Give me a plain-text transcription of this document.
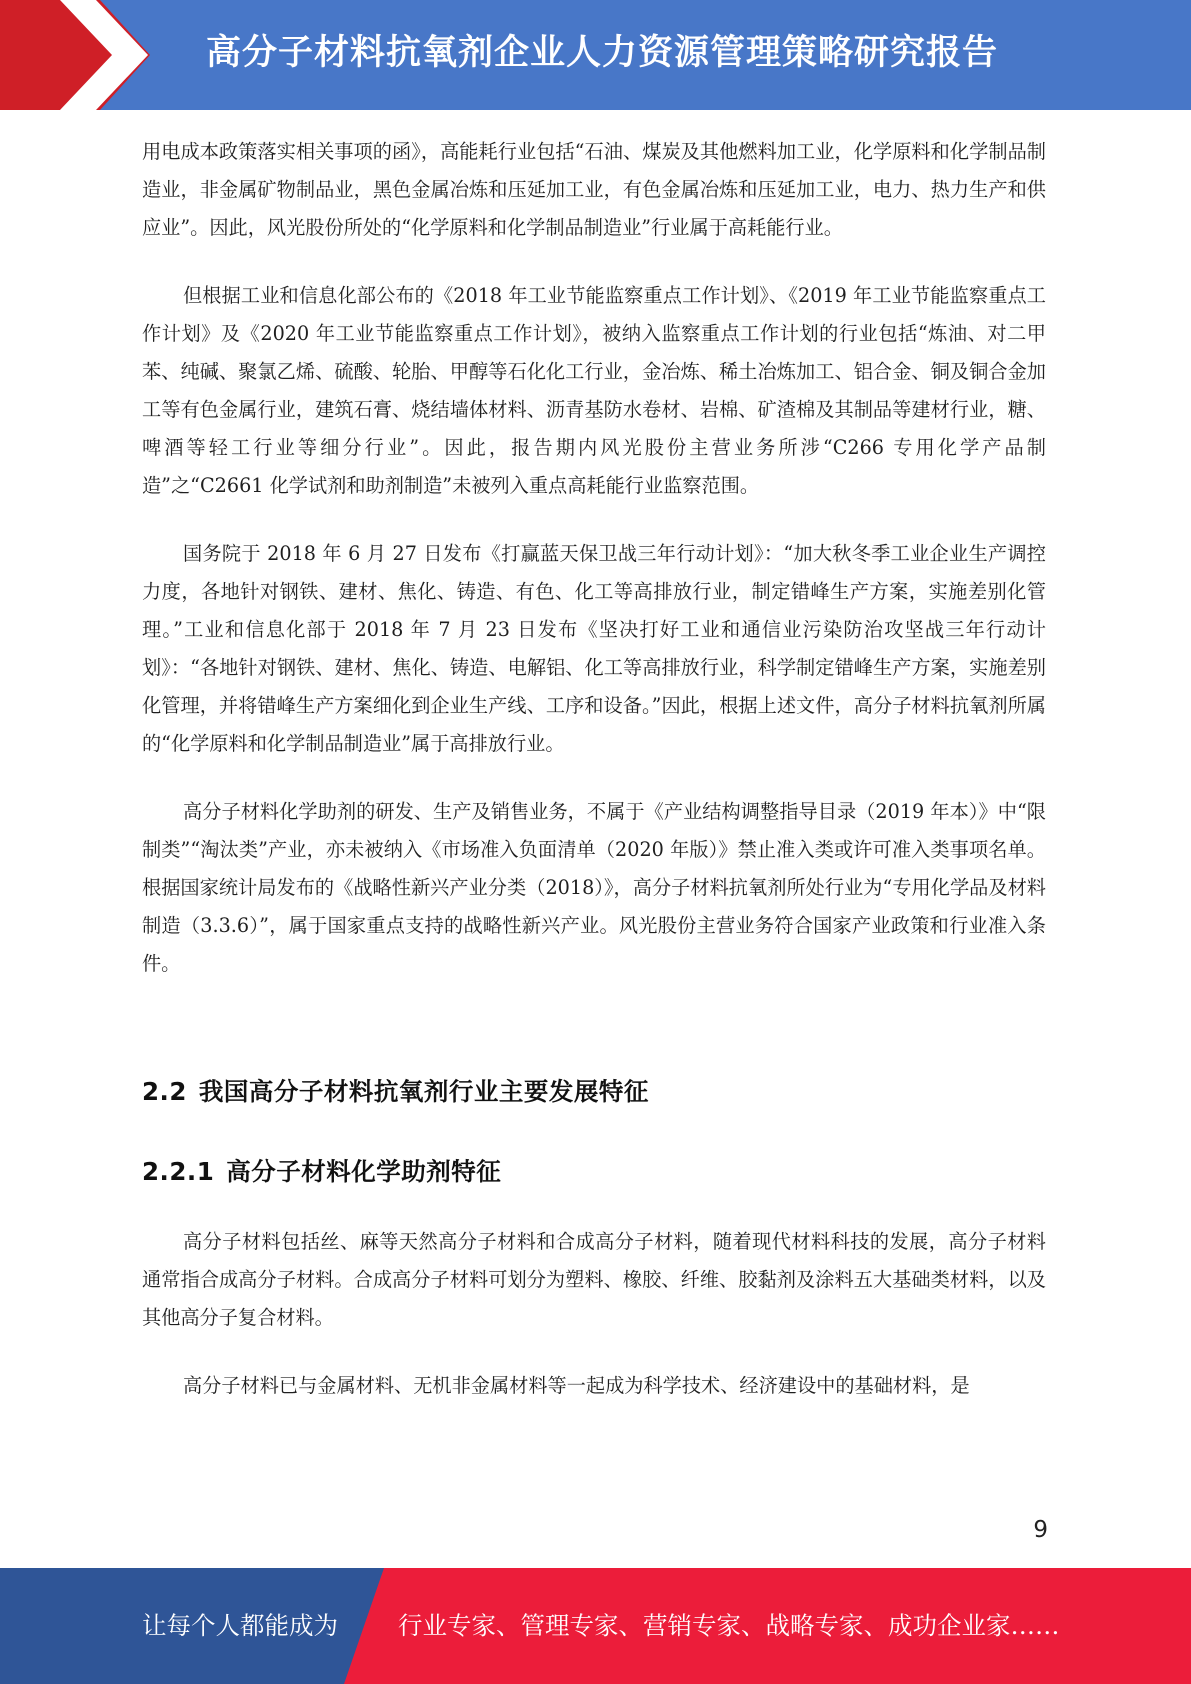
高分子材料抗氧剂企业人力资源管理策略研究报告

用电成本政策落实相关事项的函》，高能耗行业包括“石油、煤炭及其他燃料加工业，化学原料和化学制品制造业，非金属矿物制品业，黑色金属冶炼和压延加工业，有色金属冶炼和压延加工业，电力、热力生产和供应业”。因此，风光股份所处的“化学原料和化学制品制造业”行业属于高耗能行业。

但根据工业和信息化部公布的《2018 年工业节能监察重点工作计划》、《2019 年工业节能监察重点工作计划》及《2020 年工业节能监察重点工作计划》，被纳入监察重点工作计划的行业包括“炼油、对二甲苯、纯碱、聚氯乙烯、硫酸、轮胎、甲醇等石化化工行业，金冶炼、稀土冶炼加工、铝合金、铜及铜合金加工等有色金属行业，建筑石膏、烧结墙体材料、沥青基防水卷材、岩棉、矿渣棉及其制品等建材行业，糖、啤酒等轻工行业等细分行业”。因此，报告期内风光股份主营业务所涉“C266 专用化学产品制造”之“C2661 化学试剂和助剂制造”未被列入重点高耗能行业监察范围。

国务院于 2018 年 6 月 27 日发布《打赢蓝天保卫战三年行动计划》：“加大秋冬季工业企业生产调控力度，各地针对钢铁、建材、焦化、铸造、有色、化工等高排放行业，制定错峰生产方案，实施差别化管理。”工业和信息化部于 2018 年 7 月 23 日发布《坚决打好工业和通信业污染防治攻坚战三年行动计划》：“各地针对钢铁、建材、焦化、铸造、电解铝、化工等高排放行业，科学制定错峰生产方案，实施差别化管理，并将错峰生产方案细化到企业生产线、工序和设备。”因此，根据上述文件，高分子材料抗氧剂所属的“化学原料和化学制品制造业”属于高排放行业。

高分子材料化学助剂的研发、生产及销售业务，不属于《产业结构调整指导目录（2019 年本）》中“限制类”“淘汰类”产业，亦未被纳入《市场准入负面清单（2020 年版）》禁止准入类或许可准入类事项名单。根据国家统计局发布的《战略性新兴产业分类（2018）》，高分子材料抗氧剂所处行业为“专用化学品及材料制造（3.3.6）”，属于国家重点支持的战略性新兴产业。风光股份主营业务符合国家产业政策和行业准入条件。

2.2 我国高分子材料抗氧剂行业主要发展特征
2.2.1 高分子材料化学助剂特征

高分子材料包括丝、麻等天然高分子材料和合成高分子材料，随着现代材料科技的发展，高分子材料通常指合成高分子材料。合成高分子材料可划分为塑料、橡胶、纤维、胶黏剂及涂料五大基础类材料，以及其他高分子复合材料。

高分子材料已与金属材料、无机非金属材料等一起成为科学技术、经济建设中的基础材料，是

9
让每个人都能成为 行业专家、管理专家、营销专家、战略专家、成功企业家……
